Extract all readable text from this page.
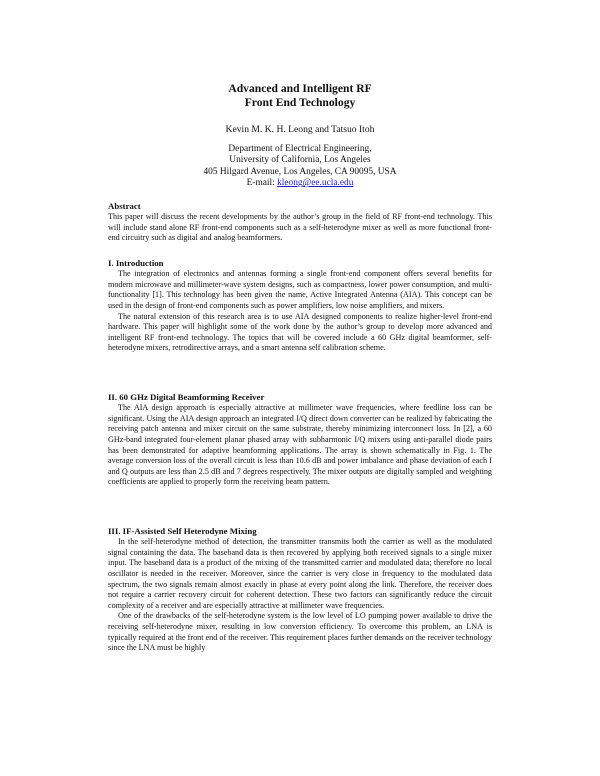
Advanced and Intelligent RF
Front End Technology
Kevin M. K. H. Leong and Tatsuo Itoh
Department of Electrical Engineering,
University of California, Los Angeles
405 Hilgard Avenue, Los Angeles, CA 90095, USA
E-mail: kleong@ee.ucla.edu
Abstract

This paper will discuss the recent developments by the author’s group in the field of RF front-end technology. This will include stand alone RF front-end components such as a self-heterodyne mixer as well as more functional front-end circuitry such as digital and analog beamformers.

I. Introduction

The integration of electronics and antennas forming a single front-end component offers several benefits for modern microwave and millimeter-wave system designs, such as compactness, lower power consumption, and multi-functionality [1]. This technology has been given the name, Active Integrated Antenna (AIA). This concept can be used in the design of front-end components such as power amplifiers, low noise amplifiers, and mixers.

The natural extension of this research area is to use AIA designed components to realize higher-level front-end hardware. This paper will highlight some of the work done by the author’s group to develop more advanced and intelligent RF front-end technology. The topics that will be covered include a 60 GHz digital beamformer, self-heterodyne mixers, retrodirective arrays, and a smart antenna self calibration scheme.

II. 60 GHz Digital Beamforming Receiver

The AIA design approach is especially attractive at millimeter wave frequencies, where feedline loss can be significant. Using the AIA design approach an integrated I/Q direct down converter can be realized by fabricating the receiving patch antenna and mixer circuit on the same substrate, thereby minimizing interconnect loss. In [2], a 60 GHz-band integrated four-element planar phased array with subharmonic I/Q mixers using anti-parallel diode pairs has been demonstrated for adaptive beamforming applications. The array is shown schematically in Fig. 1. The average conversion loss of the overall circuit is less than 10.6 dB and power imbalance and phase deviation of each I and Q outputs are less than 2.5 dB and 7 degrees respectively. The mixer outputs are digitally sampled and weighting coefficients are applied to properly form the receiving beam pattern.

III. IF-Assisted Self Heterodyne Mixing

In the self-heterodyne method of detection, the transmitter transmits both the carrier as well as the modulated signal containing the data. The baseband data is then recovered by applying both received signals to a single mixer input. The baseband data is a product of the mixing of the transmitted carrier and modulated data; therefore no local oscillator is needed in the receiver. Moreover, since the carrier is very close in frequency to the modulated data spectrum, the two signals remain almost exactly in phase at every point along the link. Therefore, the receiver does not require a carrier recovery circuit for coherent detection. These two factors can significantly reduce the circuit complexity of a receiver and are especially attractive at millimeter wave frequencies.

One of the drawbacks of the self-heterodyne system is the low level of LO pumping power available to drive the receiving self-heterodyne mixer, resulting in low conversion efficiency. To overcome this problem, an LNA is typically required at the front end of the receiver. This requirement places further demands on the receiver technology since the LNA must be highly
